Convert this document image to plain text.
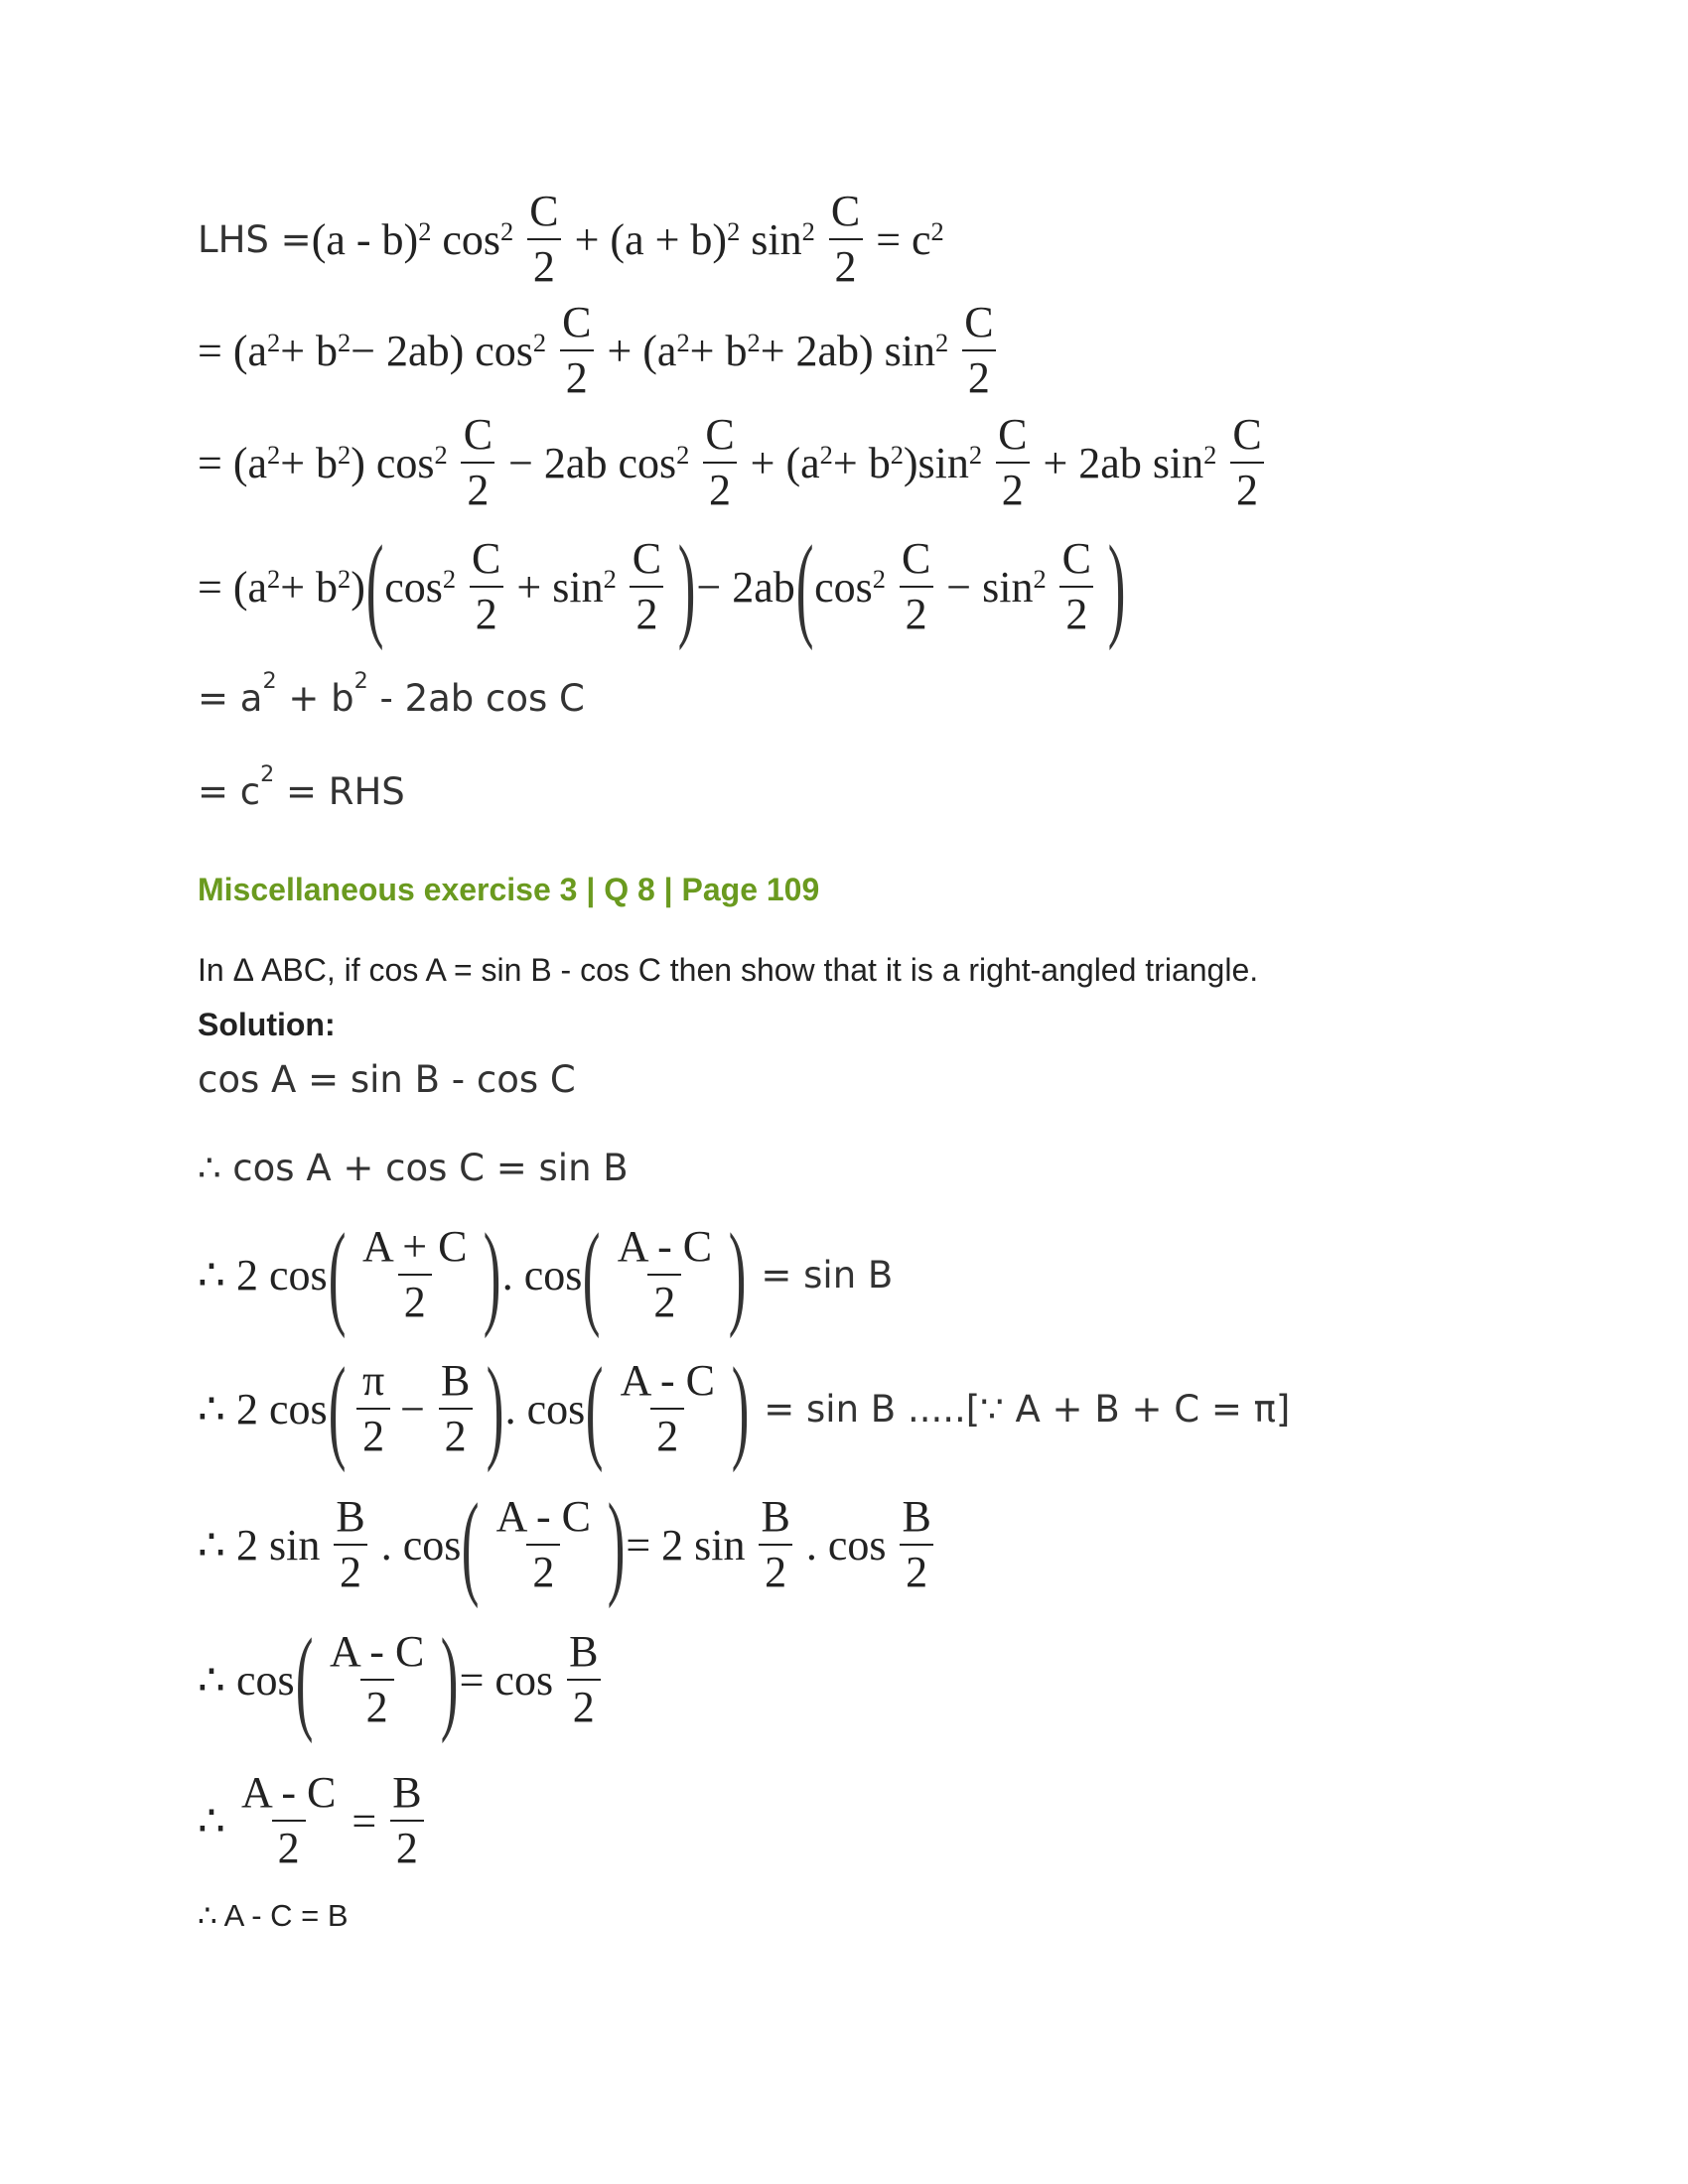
LHS = (a - b)$^2$
$\cos^2 \frac{C}{2} + (a + b)^2$
$\sin^2 \frac{C}{2} = c^2$
= $(a^2 + b^2 - 2ab)$ $\cos^2 \frac{C}{2} + (a^2 + b^2 + 2ab)$ $\sin^2 \frac{C}{2}$
= ($a^2 + b^2$ ) $\cos^2 \frac{C}{2} - 2ab$ $\cos^2 \frac{C}{2} + (a^2 + b^2$ )$\sin^2 \frac{C}{2} + 2ab$ $\sin^2 \frac{C}{2}$
= ($a^2 + b^2$ ) ( $\cos^2 \frac{C}{2} + \sin^2 \frac{C}{2}$ ) − 2ab ( $\cos^2 \frac{C}{2} - \sin^2 \frac{C}{2}$ )
= $a^2 + b^2 - 2ab$ cos C
= $c^2$ = RHS
Miscellaneous exercise 3 | Q 8 | Page 109
In Δ ABC, if cos A = sin B - cos C then show that it is a right-angled triangle.
Solution:
cos A = sin B - cos C
∴ cos A + cos C = sin B
∴ 2 cos ( $\frac{A + C}{2}$ ) . cos ( $\frac{A - C}{2}$ ) = sin B
∴ 2 cos ( $\frac{\pi}{2} - \frac{B}{2}$ ) . cos ( $\frac{A - C}{2}$ ) = sin B .....[∵ A + B + C = π]
∴ 2 $\sin \frac{B}{2}$ . cos ( $\frac{A - C}{2}$ ) = 2 $\sin \frac{B}{2}$ . $\cos \frac{B}{2}$
∴ cos ( $\frac{A - C}{2}$ ) = $\cos \frac{B}{2}$
∴ $\frac{A - C}{2} = \frac{B}{2}$
∴ A - C = B
